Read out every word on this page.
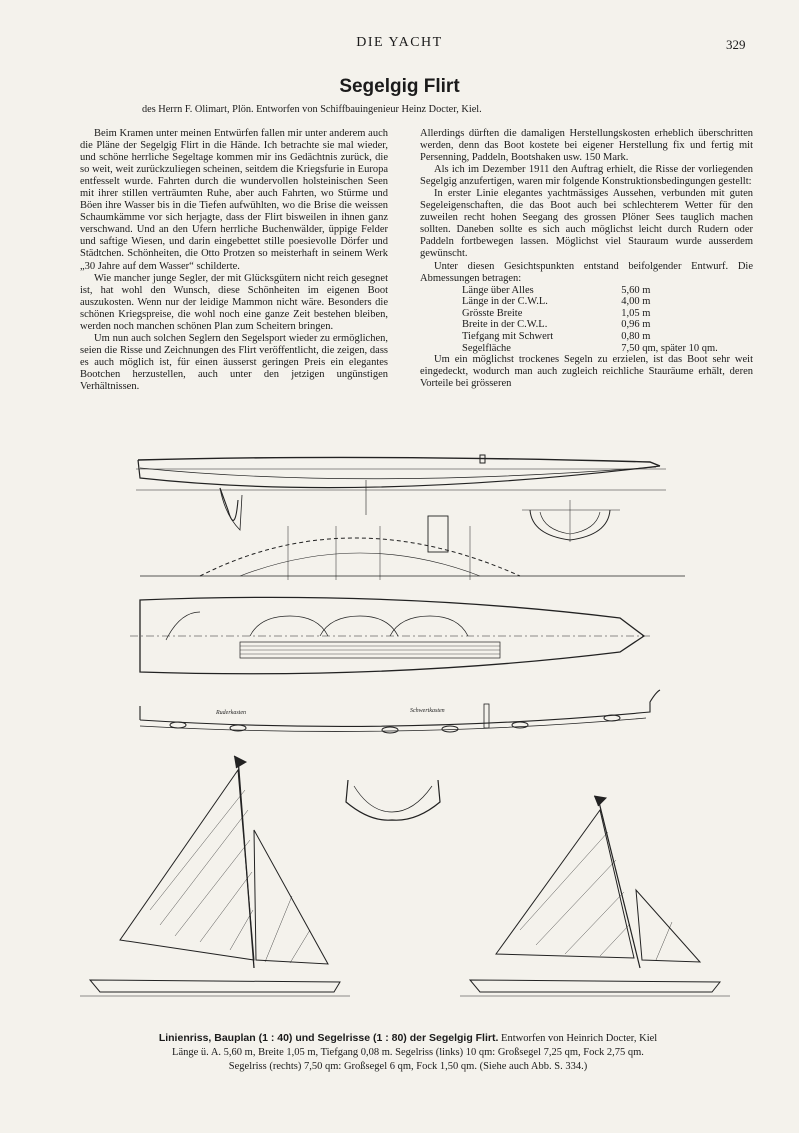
DIE YACHT	329
Segelgig Flirt
des Herrn F. Olimart, Plön. Entworfen von Schiffbauingenieur Heinz Docter, Kiel.

Beim Kramen unter meinen Entwürfen fallen mir unter anderem auch die Pläne der Segelgig Flirt in die Hände. Ich betrachte sie mal wieder, und schöne herrliche Segeltage kommen mir ins Gedächtnis zurück, die so weit, weit zurückzuliegen scheinen, seitdem die Kriegsfurie in Europa entfesselt wurde. Fahrten durch die wundervollen holsteinischen Seen mit ihrer stillen verträumten Ruhe, aber auch Fahrten, wo Stürme und Böen ihre Wasser bis in die Tiefen aufwühlten, wo die Brise die weissen Schaumkämme vor sich herjagte, dass der Flirt bisweilen in ihnen ganz verschwand. Und an den Ufern herrliche Buchenwälder, üppige Felder und saftige Wiesen, und darin eingebettet stille poesievolle Dörfer und Städtchen. Schönheiten, die Otto Protzen so meisterhaft in seinem Werk „30 Jahre auf dem Wasser“ schilderte.

Wie mancher junge Segler, der mit Glücksgütern nicht reich gesegnet ist, hat wohl den Wunsch, diese Schönheiten im eigenen Boot auszukosten. Wenn nur der leidige Mammon nicht wäre. Besonders die schönen Kriegspreise, die wohl noch eine ganze Zeit bestehen bleiben, werden noch manchen schönen Plan zum Scheitern bringen.

Um nun auch solchen Seglern den Segelsport wieder zu ermöglichen, seien die Risse und Zeichnungen des Flirt veröffentlicht, die zeigen, dass es auch möglich ist, für einen äusserst geringen Preis ein elegantes Bootchen herzustellen, auch unter den jetzigen ungünstigen Verhältnissen.

Allerdings dürften die damaligen Herstellungskosten erheblich überschritten werden, denn das Boot kostete bei eigener Herstellung fix und fertig mit Persenning, Paddeln, Bootshaken usw. 150 Mark.

Als ich im Dezember 1911 den Auftrag erhielt, die Risse der vorliegenden Segelgig anzufertigen, waren mir folgende Konstruktionsbedingungen gestellt:

In erster Linie elegantes yachtmässiges Aussehen, verbunden mit guten Segeleigenschaften, die das Boot auch bei schlechterem Wetter für den zuweilen recht hohen Seegang des grossen Plöner Sees tauglich machen sollten. Daneben sollte es sich auch möglichst leicht durch Rudern oder Paddeln fortbewegen lassen. Möglichst viel Stauraum wurde ausserdem gewünscht.

Unter diesen Gesichtspunkten entstand beifolgender Entwurf. Die Abmessungen betragen:

Länge über Alles	5,60 m
Länge in der C.W.L.	4,00 m
Grösste Breite	1,05 m
Breite in der C.W.L.	0,96 m
Tiefgang mit Schwert	0,80 m
Segelfläche	7,50 qm, später 10 qm.

Um ein möglichst trockenes Segeln zu erzielen, ist das Boot sehr weit eingedeckt, wodurch man auch zugleich reichliche Stauräume erhält, deren Vorteile bei grösseren

Ruderkasten	Schwertkasten
Linienriss, Bauplan (1 : 40) und Segelrisse (1 : 80) der Segelgig Flirt. Entworfen von Heinrich Docter, Kiel
Länge ü. A. 5,60 m, Breite 1,05 m, Tiefgang 0,08 m. Segelriss (links) 10 qm: Großsegel 7,25 qm, Fock 2,75 qm.
Segelriss (rechts) 7,50 qm: Großsegel 6 qm, Fock 1,50 qm. (Siehe auch Abb. S. 334.)
